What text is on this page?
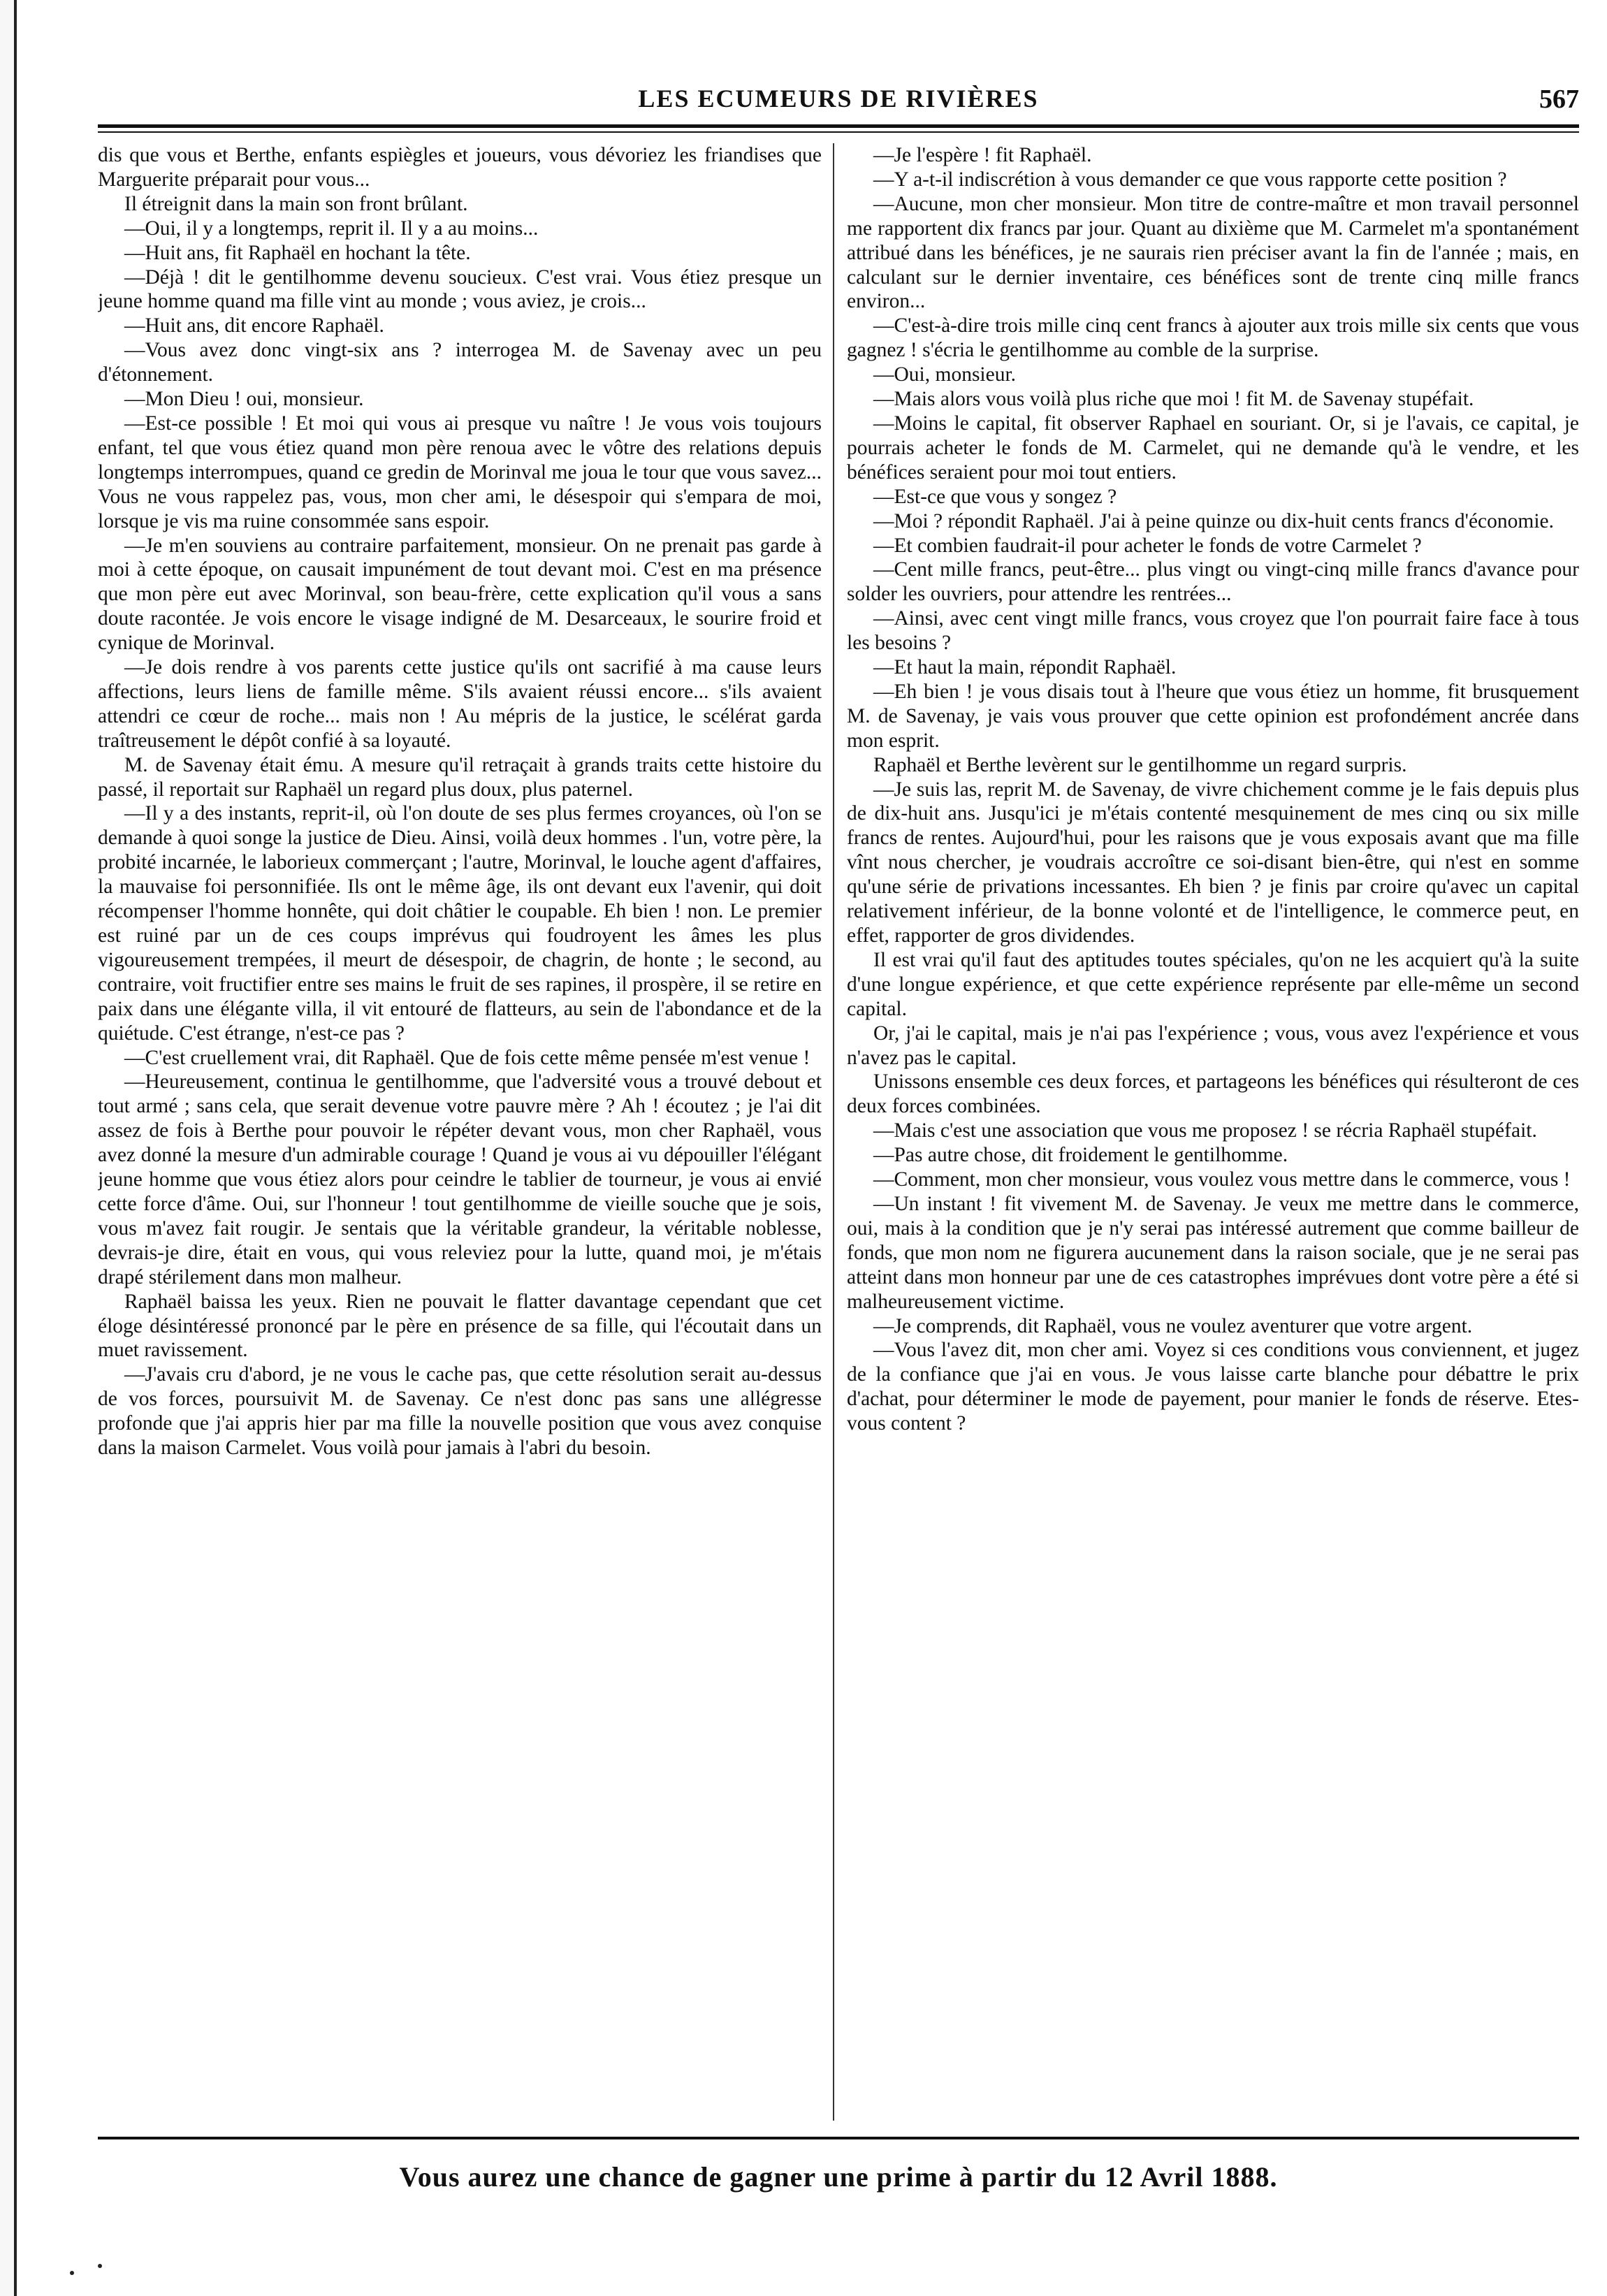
LES ECUMEURS DE RIVIÈRES	567

dis que vous et Berthe, enfants espiègles et joueurs, vous dévoriez les friandises que Marguerite préparait pour vous...

Il étreignit dans la main son front brûlant.

—Oui, il y a longtemps, reprit il. Il y a au moins...

—Huit ans, fit Raphaël en hochant la tête.

—Déjà ! dit le gentilhomme devenu soucieux. C'est vrai. Vous étiez presque un jeune homme quand ma fille vint au monde ; vous aviez, je crois...

—Huit ans, dit encore Raphaël.

—Vous avez donc vingt-six ans ? interrogea M. de Savenay avec un peu d'étonnement.

—Mon Dieu ! oui, monsieur.

—Est-ce possible ! Et moi qui vous ai presque vu naître ! Je vous vois toujours enfant, tel que vous étiez quand mon père renoua avec le vôtre des relations depuis longtemps interrompues, quand ce gredin de Morinval me joua le tour que vous savez... Vous ne vous rappelez pas, vous, mon cher ami, le désespoir qui s'empara de moi, lorsque je vis ma ruine consommée sans espoir.

—Je m'en souviens au contraire parfaitement, monsieur. On ne prenait pas garde à moi à cette époque, on causait impunément de tout devant moi. C'est en ma présence que mon père eut avec Morinval, son beau-frère, cette explication qu'il vous a sans doute racontée. Je vois encore le visage indigné de M. Desarceaux, le sourire froid et cynique de Morinval.

—Je dois rendre à vos parents cette justice qu'ils ont sacrifié à ma cause leurs affections, leurs liens de famille même. S'ils avaient réussi encore... s'ils avaient attendri ce cœur de roche... mais non ! Au mépris de la justice, le scélérat garda traîtreusement le dépôt confié à sa loyauté.

M. de Savenay était ému. A mesure qu'il retraçait à grands traits cette histoire du passé, il reportait sur Raphaël un regard plus doux, plus paternel.

—Il y a des instants, reprit-il, où l'on doute de ses plus fermes croyances, où l'on se demande à quoi songe la justice de Dieu. Ainsi, voilà deux hommes . l'un, votre père, la probité incarnée, le laborieux commerçant ; l'autre, Morinval, le louche agent d'affaires, la mauvaise foi personnifiée. Ils ont le même âge, ils ont devant eux l'avenir, qui doit récompenser l'homme honnête, qui doit châtier le coupable. Eh bien ! non. Le premier est ruiné par un de ces coups imprévus qui foudroyent les âmes les plus vigoureusement trempées, il meurt de désespoir, de chagrin, de honte ; le second, au contraire, voit fructifier entre ses mains le fruit de ses rapines, il prospère, il se retire en paix dans une élégante villa, il vit entouré de flatteurs, au sein de l'abondance et de la quiétude. C'est étrange, n'est-ce pas ?

—C'est cruellement vrai, dit Raphaël. Que de fois cette même pensée m'est venue !

—Heureusement, continua le gentilhomme, que l'adversité vous a trouvé debout et tout armé ; sans cela, que serait devenue votre pauvre mère ? Ah ! écoutez ; je l'ai dit assez de fois à Berthe pour pouvoir le répéter devant vous, mon cher Raphaël, vous avez donné la mesure d'un admirable courage ! Quand je vous ai vu dépouiller l'élégant jeune homme que vous étiez alors pour ceindre le tablier de tourneur, je vous ai envié cette force d'âme. Oui, sur l'honneur ! tout gentilhomme de vieille souche que je sois, vous m'avez fait rougir. Je sentais que la véritable grandeur, la véritable noblesse, devrais-je dire, était en vous, qui vous releviez pour la lutte, quand moi, je m'étais drapé stérilement dans mon malheur.

Raphaël baissa les yeux. Rien ne pouvait le flatter davantage cependant que cet éloge désintéressé prononcé par le père en présence de sa fille, qui l'écoutait dans un muet ravissement.

—J'avais cru d'abord, je ne vous le cache pas, que cette résolution serait au-dessus de vos forces, poursuivit M. de Savenay. Ce n'est donc pas sans une allégresse profonde que j'ai appris hier par ma fille la nouvelle position que vous avez conquise dans la maison Carmelet. Vous voilà pour jamais à l'abri du besoin.

—Je l'espère ! fit Raphaël.

—Y a-t-il indiscrétion à vous demander ce que vous rapporte cette position ?

—Aucune, mon cher monsieur. Mon titre de contre-maître et mon travail personnel me rapportent dix francs par jour. Quant au dixième que M. Carmelet m'a spontanément attribué dans les bénéfices, je ne saurais rien préciser avant la fin de l'année ; mais, en calculant sur le dernier inventaire, ces bénéfices sont de trente cinq mille francs environ...

—C'est-à-dire trois mille cinq cent francs à ajouter aux trois mille six cents que vous gagnez ! s'écria le gentilhomme au comble de la surprise.

—Oui, monsieur.

—Mais alors vous voilà plus riche que moi ! fit M. de Savenay stupéfait.

—Moins le capital, fit observer Raphael en souriant. Or, si je l'avais, ce capital, je pourrais acheter le fonds de M. Carmelet, qui ne demande qu'à le vendre, et les bénéfices seraient pour moi tout entiers.

—Est-ce que vous y songez ?

—Moi ? répondit Raphaël. J'ai à peine quinze ou dix-huit cents francs d'économie.

—Et combien faudrait-il pour acheter le fonds de votre Carmelet ?

—Cent mille francs, peut-être... plus vingt ou vingt-cinq mille francs d'avance pour solder les ouvriers, pour attendre les rentrées...

—Ainsi, avec cent vingt mille francs, vous croyez que l'on pourrait faire face à tous les besoins ?

—Et haut la main, répondit Raphaël.

—Eh bien ! je vous disais tout à l'heure que vous étiez un homme, fit brusquement M. de Savenay, je vais vous prouver que cette opinion est profondément ancrée dans mon esprit.

Raphaël et Berthe levèrent sur le gentilhomme un regard surpris.

—Je suis las, reprit M. de Savenay, de vivre chichement comme je le fais depuis plus de dix-huit ans. Jusqu'ici je m'étais contenté mesquinement de mes cinq ou six mille francs de rentes. Aujourd'hui, pour les raisons que je vous exposais avant que ma fille vînt nous chercher, je voudrais accroître ce soi-disant bien-être, qui n'est en somme qu'une série de privations incessantes. Eh bien ? je finis par croire qu'avec un capital relativement inférieur, de la bonne volonté et de l'intelligence, le commerce peut, en effet, rapporter de gros dividendes.

Il est vrai qu'il faut des aptitudes toutes spéciales, qu'on ne les acquiert qu'à la suite d'une longue expérience, et que cette expérience représente par elle-même un second capital.

Or, j'ai le capital, mais je n'ai pas l'expérience ; vous, vous avez l'expérience et vous n'avez pas le capital.

Unissons ensemble ces deux forces, et partageons les bénéfices qui résulteront de ces deux forces combinées.

—Mais c'est une association que vous me proposez ! se récria Raphaël stupéfait.

—Pas autre chose, dit froidement le gentilhomme.

—Comment, mon cher monsieur, vous voulez vous mettre dans le commerce, vous !

—Un instant ! fit vivement M. de Savenay. Je veux me mettre dans le commerce, oui, mais à la condition que je n'y serai pas intéressé autrement que comme bailleur de fonds, que mon nom ne figurera aucunement dans la raison sociale, que je ne serai pas atteint dans mon honneur par une de ces catastrophes imprévues dont votre père a été si malheureusement victime.

—Je comprends, dit Raphaël, vous ne voulez aventurer que votre argent.

—Vous l'avez dit, mon cher ami. Voyez si ces conditions vous conviennent, et jugez de la confiance que j'ai en vous. Je vous laisse carte blanche pour débattre le prix d'achat, pour déterminer le mode de payement, pour manier le fonds de réserve. Etes-vous content ?

Vous aurez une chance de gagner une prime à partir du 12 Avril 1888.
